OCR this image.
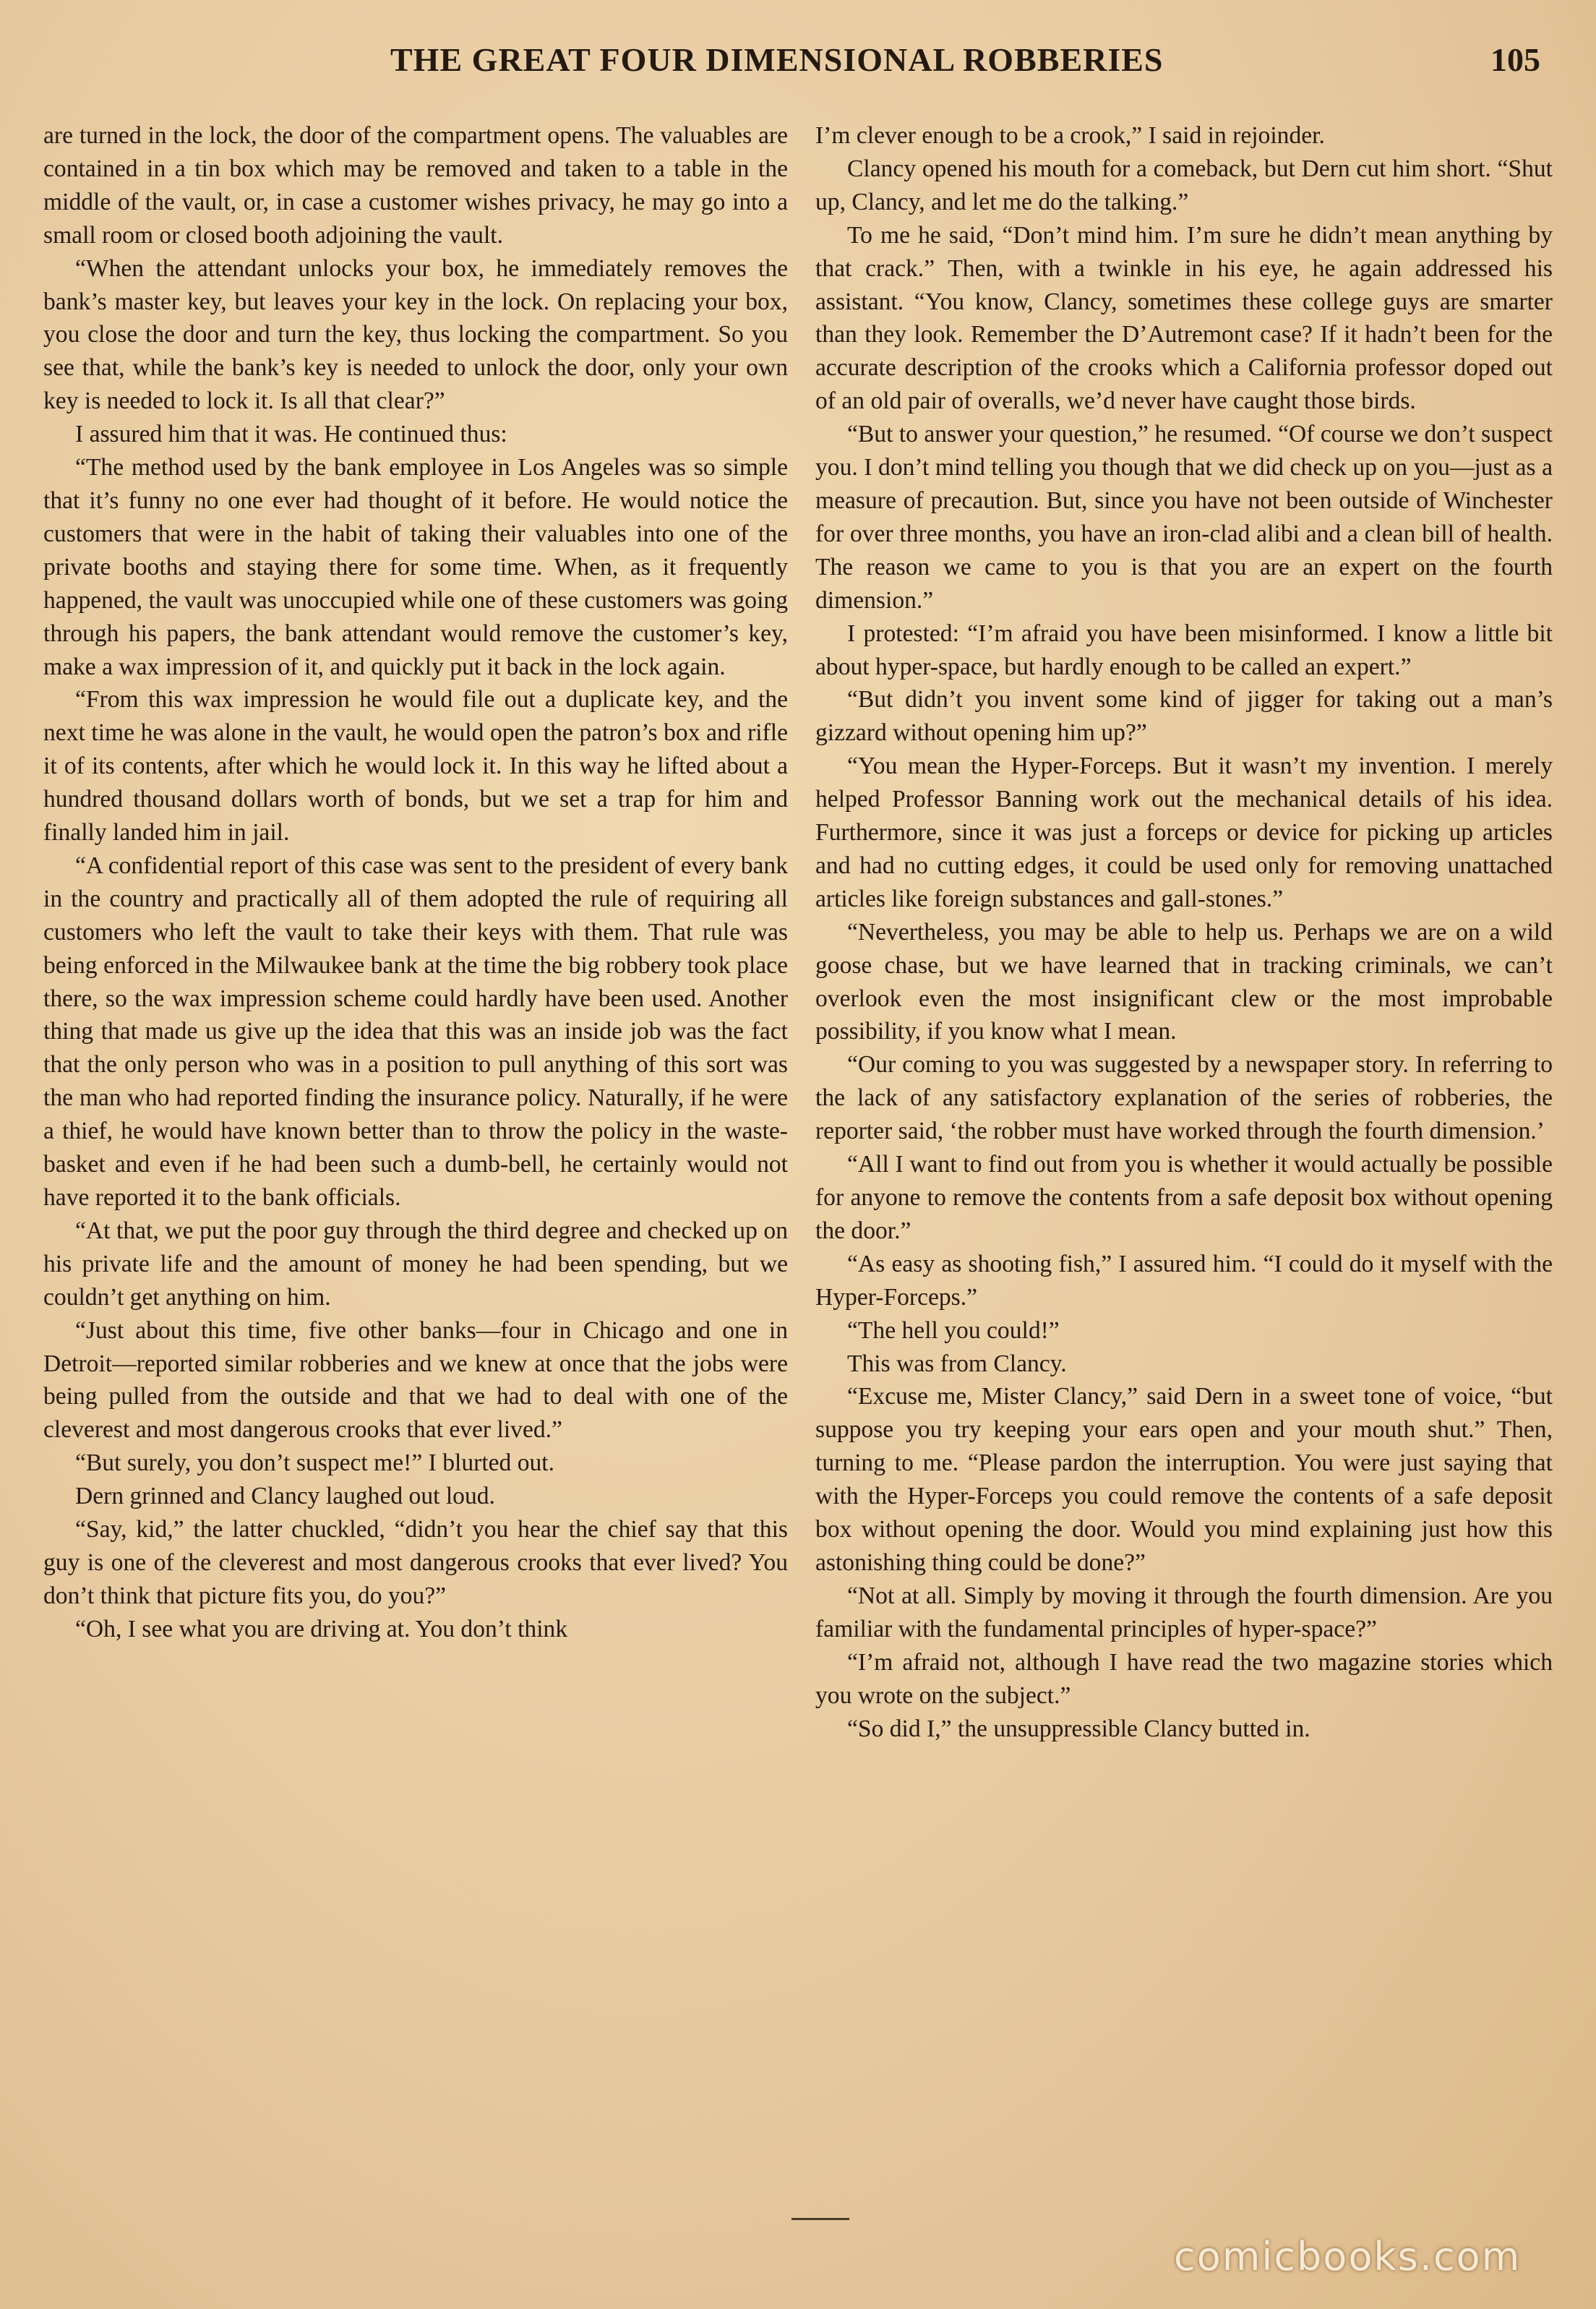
THE GREAT FOUR DIMENSIONAL ROBBERIES	105

are turned in the lock, the door of the compartment opens. The valuables are contained in a tin box which may be removed and taken to a table in the middle of the vault, or, in case a customer wishes privacy, he may go into a small room or closed booth adjoining the vault.

“When the attendant unlocks your box, he immediately removes the bank’s master key, but leaves your key in the lock. On replacing your box, you close the door and turn the key, thus locking the compartment. So you see that, while the bank’s key is needed to unlock the door, only your own key is needed to lock it. Is all that clear?”

I assured him that it was. He continued thus:

“The method used by the bank employee in Los Angeles was so simple that it’s funny no one ever had thought of it before. He would notice the customers that were in the habit of taking their valuables into one of the private booths and staying there for some time. When, as it frequently happened, the vault was unoccupied while one of these customers was going through his papers, the bank attendant would remove the customer’s key, make a wax impression of it, and quickly put it back in the lock again.

“From this wax impression he would file out a duplicate key, and the next time he was alone in the vault, he would open the patron’s box and rifle it of its contents, after which he would lock it. In this way he lifted about a hundred thousand dollars worth of bonds, but we set a trap for him and finally landed him in jail.

“A confidential report of this case was sent to the president of every bank in the country and practically all of them adopted the rule of requiring all customers who left the vault to take their keys with them. That rule was being enforced in the Milwaukee bank at the time the big robbery took place there, so the wax impression scheme could hardly have been used. Another thing that made us give up the idea that this was an inside job was the fact that the only person who was in a position to pull anything of this sort was the man who had reported finding the insurance policy. Naturally, if he were a thief, he would have known better than to throw the policy in the waste-basket and even if he had been such a dumb-bell, he certainly would not have reported it to the bank officials.

“At that, we put the poor guy through the third degree and checked up on his private life and the amount of money he had been spending, but we couldn’t get anything on him.

“Just about this time, five other banks—four in Chicago and one in Detroit—reported similar robberies and we knew at once that the jobs were being pulled from the outside and that we had to deal with one of the cleverest and most dangerous crooks that ever lived.”

“But surely, you don’t suspect me!” I blurted out.

Dern grinned and Clancy laughed out loud.

“Say, kid,” the latter chuckled, “didn’t you hear the chief say that this guy is one of the cleverest and most dangerous crooks that ever lived? You don’t think that picture fits you, do you?”

“Oh, I see what you are driving at. You don’t think

I’m clever enough to be a crook,” I said in rejoinder.

Clancy opened his mouth for a comeback, but Dern cut him short. “Shut up, Clancy, and let me do the talking.”

To me he said, “Don’t mind him. I’m sure he didn’t mean anything by that crack.” Then, with a twinkle in his eye, he again addressed his assistant. “You know, Clancy, sometimes these college guys are smarter than they look. Remember the D’Autremont case? If it hadn’t been for the accurate description of the crooks which a California professor doped out of an old pair of overalls, we’d never have caught those birds.

“But to answer your question,” he resumed. “Of course we don’t suspect you. I don’t mind telling you though that we did check up on you—just as a measure of precaution. But, since you have not been outside of Winchester for over three months, you have an iron-clad alibi and a clean bill of health. The reason we came to you is that you are an expert on the fourth dimension.”

I protested: “I’m afraid you have been misinformed. I know a little bit about hyper-space, but hardly enough to be called an expert.”

“But didn’t you invent some kind of jigger for taking out a man’s gizzard without opening him up?”

“You mean the Hyper-Forceps. But it wasn’t my invention. I merely helped Professor Banning work out the mechanical details of his idea. Furthermore, since it was just a forceps or device for picking up articles and had no cutting edges, it could be used only for removing unattached articles like foreign substances and gall-stones.”

“Nevertheless, you may be able to help us. Perhaps we are on a wild goose chase, but we have learned that in tracking criminals, we can’t overlook even the most insignificant clew or the most improbable possibility, if you know what I mean.

“Our coming to you was suggested by a newspaper story. In referring to the lack of any satisfactory explanation of the series of robberies, the reporter said, ‘the robber must have worked through the fourth dimension.’

“All I want to find out from you is whether it would actually be possible for anyone to remove the contents from a safe deposit box without opening the door.”

“As easy as shooting fish,” I assured him. “I could do it myself with the Hyper-Forceps.”

“The hell you could!”

This was from Clancy.

“Excuse me, Mister Clancy,” said Dern in a sweet tone of voice, “but suppose you try keeping your ears open and your mouth shut.” Then, turning to me. “Please pardon the interruption. You were just saying that with the Hyper-Forceps you could remove the contents of a safe deposit box without opening the door. Would you mind explaining just how this astonishing thing could be done?”

“Not at all. Simply by moving it through the fourth dimension. Are you familiar with the fundamental principles of hyper-space?”

“I’m afraid not, although I have read the two magazine stories which you wrote on the subject.”

“So did I,” the unsuppressible Clancy butted in.

comicbooks.com
